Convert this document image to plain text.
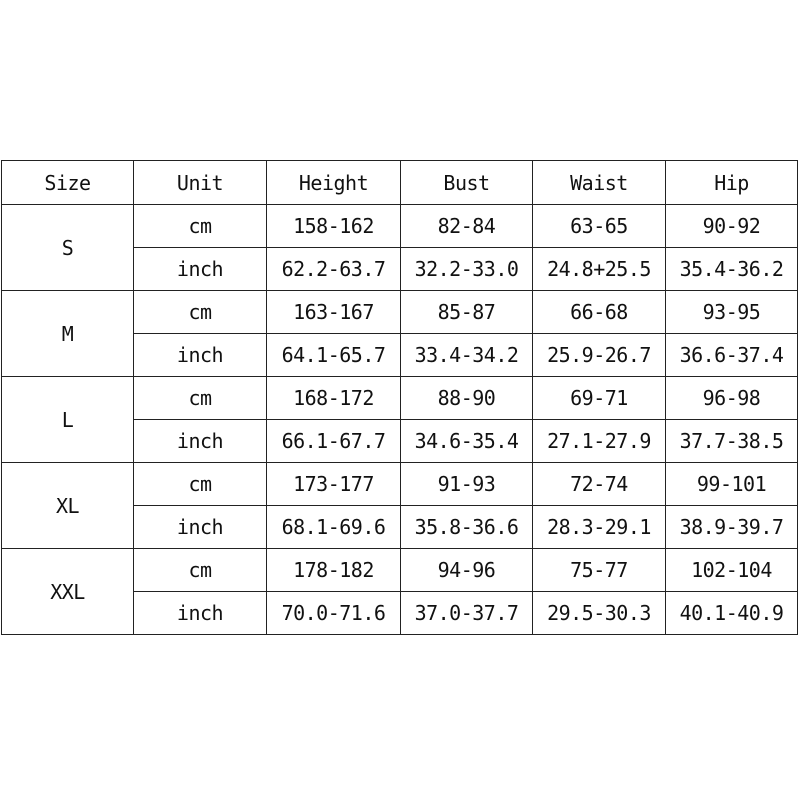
Size	Unit	Height	Bust	Waist	Hip
S	cm	158-162	82-84	63-65	90-92
	inch	62.2-63.7	32.2-33.0	24.8+25.5	35.4-36.2
M	cm	163-167	85-87	66-68	93-95
	inch	64.1-65.7	33.4-34.2	25.9-26.7	36.6-37.4
L	cm	168-172	88-90	69-71	96-98
	inch	66.1-67.7	34.6-35.4	27.1-27.9	37.7-38.5
XL	cm	173-177	91-93	72-74	99-101
	inch	68.1-69.6	35.8-36.6	28.3-29.1	38.9-39.7
XXL	cm	178-182	94-96	75-77	102-104
	inch	70.0-71.6	37.0-37.7	29.5-30.3	40.1-40.9
